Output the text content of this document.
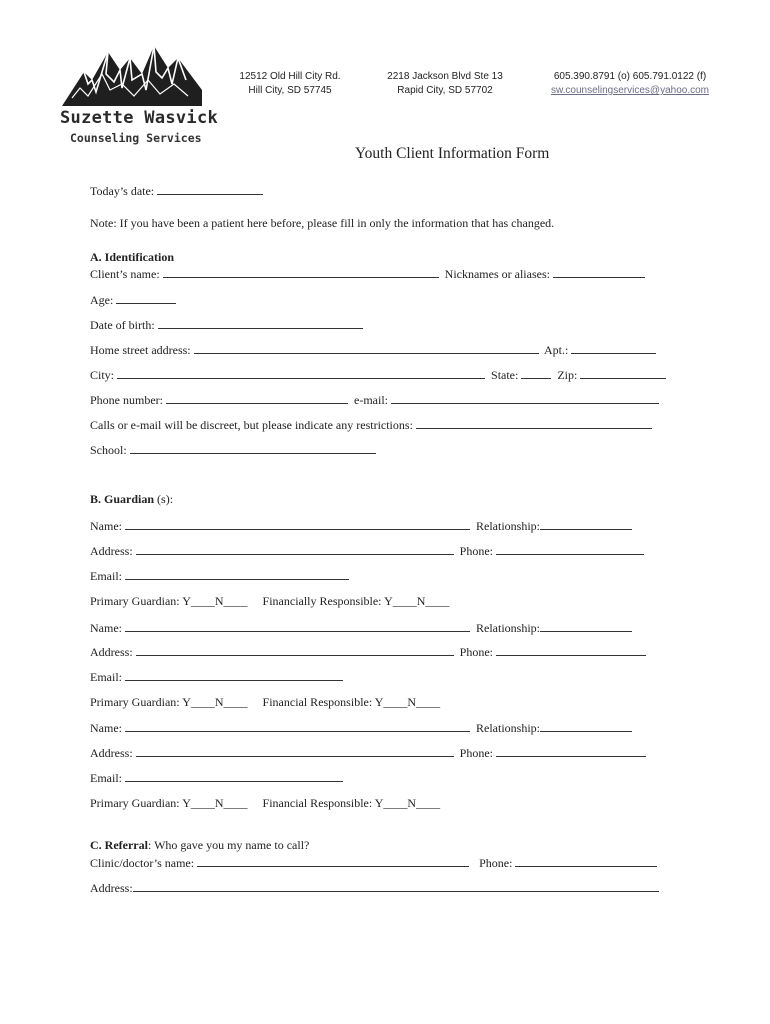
Suzette Wasvick
Counseling Services
12512 Old Hill City Rd.
Hill City, SD 57745
2218 Jackson Blvd Ste 13
Rapid City, SD 57702
605.390.8791 (o) 605.791.0122 (f)
sw.counselingservices@yahoo.com
Youth Client Information Form
Today’s date:
Note: If you have been a patient here before, please fill in only the information that has changed.
A. Identification
Client’s name:	Nicknames or aliases:
Age:
Date of birth:
Home street address:	Apt.:
City:	State:	Zip:
Phone number:	e-mail:
Calls or e-mail will be discreet, but please indicate any restrictions:
School:
B. Guardian (s):
Name:	Relationship:
Address:	Phone:
Email:
Primary Guardian: Y____N____ Financially Responsible: Y____N____
Name:	Relationship:
Address:	Phone:
Email:
Primary Guardian: Y____N____ Financial Responsible: Y____N____
Name:	Relationship:
Address:	Phone:
Email:
Primary Guardian: Y____N____ Financial Responsible: Y____N____
C. Referral: Who gave you my name to call?
Clinic/doctor’s name:	Phone:
Address:
